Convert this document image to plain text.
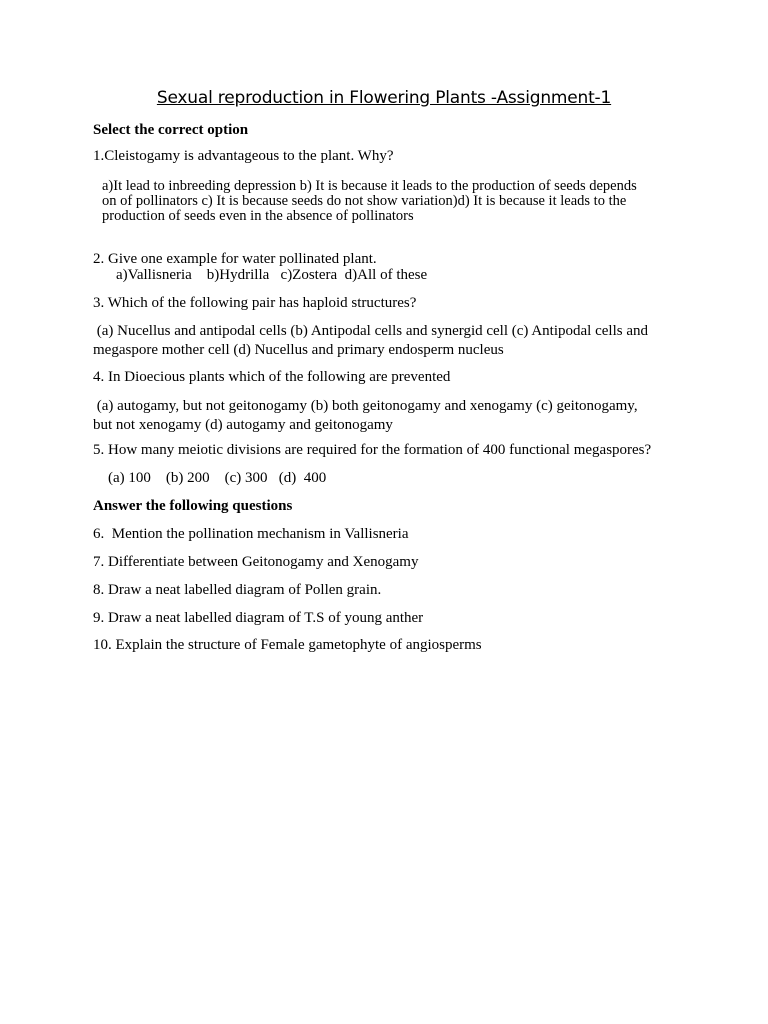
Sexual reproduction in Flowering Plants -Assignment-1
Select the correct option
1.Cleistogamy is advantageous to the plant. Why?
a)It lead to inbreeding depression b) It is because it leads to the production of seeds depends
on of pollinators c) It is because seeds do not show variation)d) It is because it leads to the
production of seeds even in the absence of pollinators
2. Give one example for water pollinated plant.
a)Vallisneria    b)Hydrilla   c)Zostera  d)All of these
3. Which of the following pair has haploid structures?
(a) Nucellus and antipodal cells (b) Antipodal cells and synergid cell (c) Antipodal cells and
megaspore mother cell (d) Nucellus and primary endosperm nucleus
4. In Dioecious plants which of the following are prevented
(a) autogamy, but not geitonogamy (b) both geitonogamy and xenogamy (c) geitonogamy,
but not xenogamy (d) autogamy and geitonogamy
5. How many meiotic divisions are required for the formation of 400 functional megaspores?
(a) 100    (b) 200    (c) 300   (d)  400
Answer the following questions
6.  Mention the pollination mechanism in Vallisneria
7. Differentiate between Geitonogamy and Xenogamy
8. Draw a neat labelled diagram of Pollen grain.
9. Draw a neat labelled diagram of T.S of young anther
10. Explain the structure of Female gametophyte of angiosperms
